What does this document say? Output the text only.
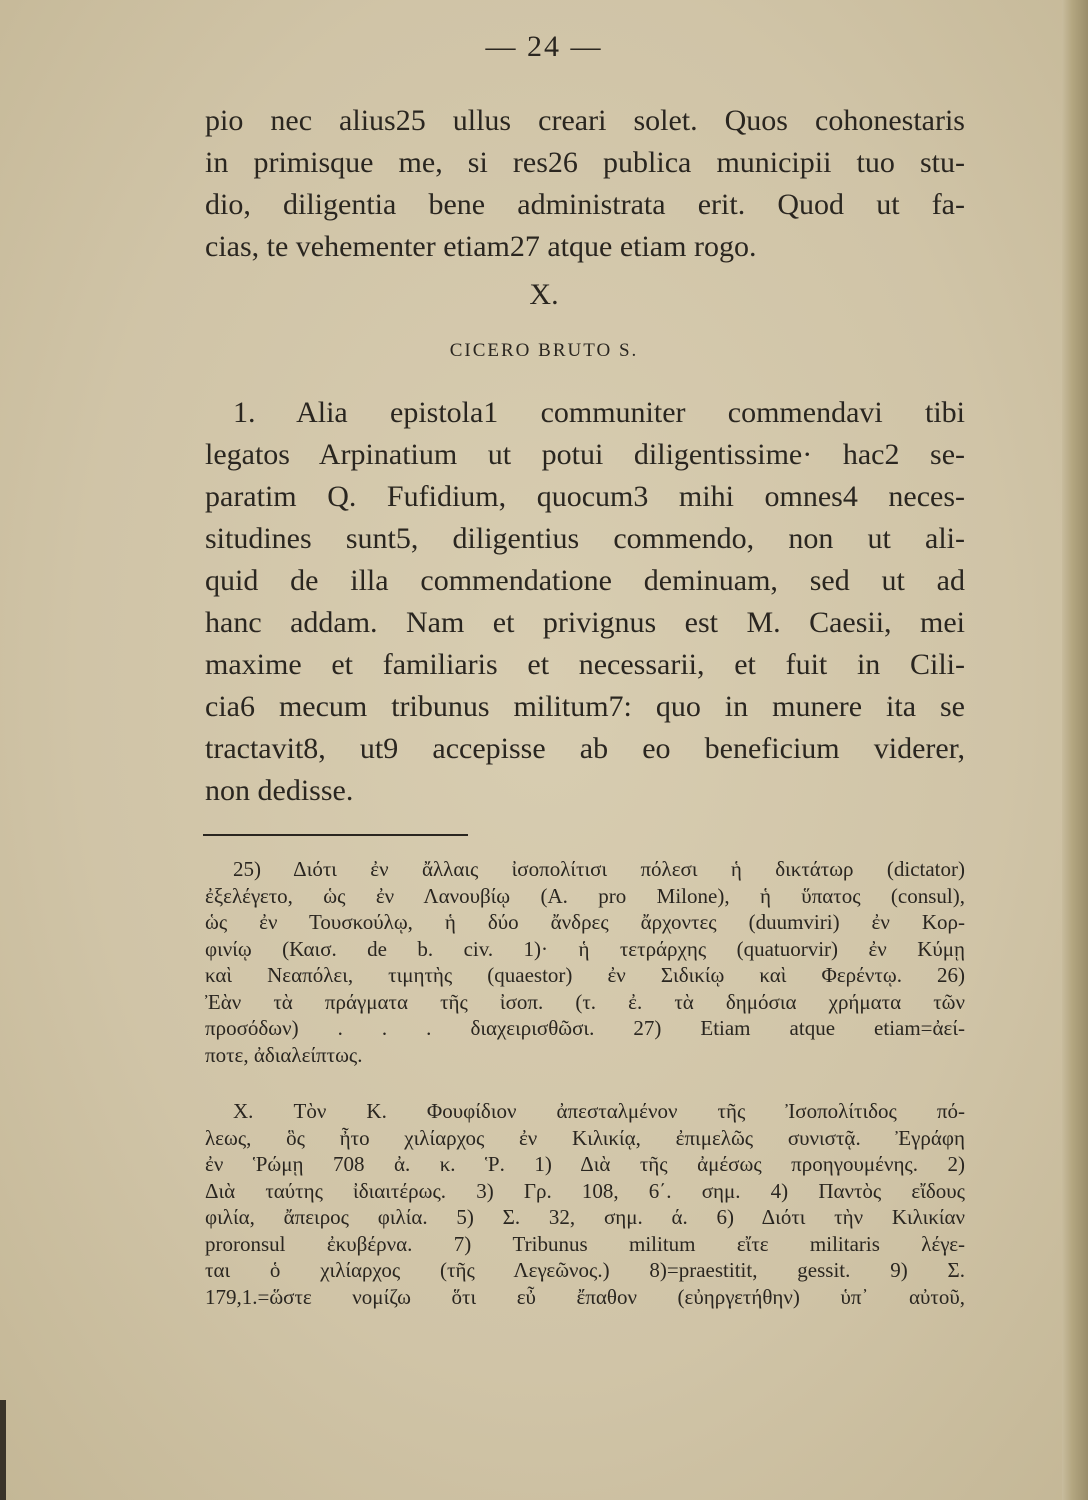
— 24 —
pio nec alius25 ullus creari solet. Quos cohonestaris
in primisque me, si res26 publica municipii tuo stu-
dio, diligentia bene administrata erit. Quod ut fa-
cias, te vehementer etiam27 atque etiam rogo.
X.
CICERO BRUTO S.
1. Alia epistola1 communiter commendavi tibi
legatos Arpinatium ut potui diligentissime· hac2 se-
paratim Q. Fufidium, quocum3 mihi omnes4 neces-
situdines sunt5, diligentius commendo, non ut ali-
quid de illa commendatione deminuam, sed ut ad
hanc addam. Nam et privignus est M. Caesii, mei
maxime et familiaris et necessarii, et fuit in Cili-
cia6 mecum tribunus militum7: quo in munere ita se
tractavit8, ut9 accepisse ab eo beneficium viderer,
non dedisse.
25) Διότι ἐν ἄλλαις ἰσοπολίτισι πόλεσι ἡ δικτάτωρ (dictator)
ἐξελέγετο, ὡς ἐν Λανουβίῳ (Α. pro Milone), ἡ ὕπατος (consul),
ὡς ἐν Τουσκούλῳ, ἡ δύο ἄνδρες ἄρχοντες (duumviri) ἐν Κορ-
φινίῳ (Καισ. de b. civ. 1)· ἡ τετράρχης (quatuorvir) ἐν Κύμῃ
καὶ Νεαπόλει, τιμητὴς (quaestor) ἐν Σιδικίῳ καὶ Φερέντῳ. 26)
Ἐὰν τὰ πράγματα τῆς ἰσοπ. (τ. ἐ. τὰ δημόσια χρήματα τῶν
προσόδων) . . . διαχειρισθῶσι. 27) Etiam atque etiam=ἀεί-
ποτε, ἀδιαλείπτως.
X. Τὸν Κ. Φουφίδιον ἀπεσταλμένον τῆς Ἰσοπολίτιδος πό-
λεως, ὃς ἦτο χιλίαρχος ἐν Κιλικίᾳ, ἐπιμελῶς συνιστᾷ. Ἐγράφη
ἐν Ῥώμῃ 708 ἀ. κ. Ῥ. 1) Διὰ τῆς ἀμέσως προηγουμένης. 2)
Διὰ ταύτης ἰδιαιτέρως. 3) Γρ. 108, 6΄. σημ. 4) Παντὸς εἴδους
φιλία, ἄπειρος φιλία. 5) Σ. 32, σημ. ά. 6) Διότι τὴν Κιλικίαν
proronsul ἐκυβέρνα. 7) Tribunus militum εἴτε militaris λέγε-
ται ὁ χιλίαρχος (τῆς Λεγεῶνος.) 8)=praestitit, gessit. 9) Σ.
179,1.=ὥστε νομίζω ὅτι εὖ ἔπαθον (εὐηργετήθην) ὑπ᾿ αὐτοῦ,
